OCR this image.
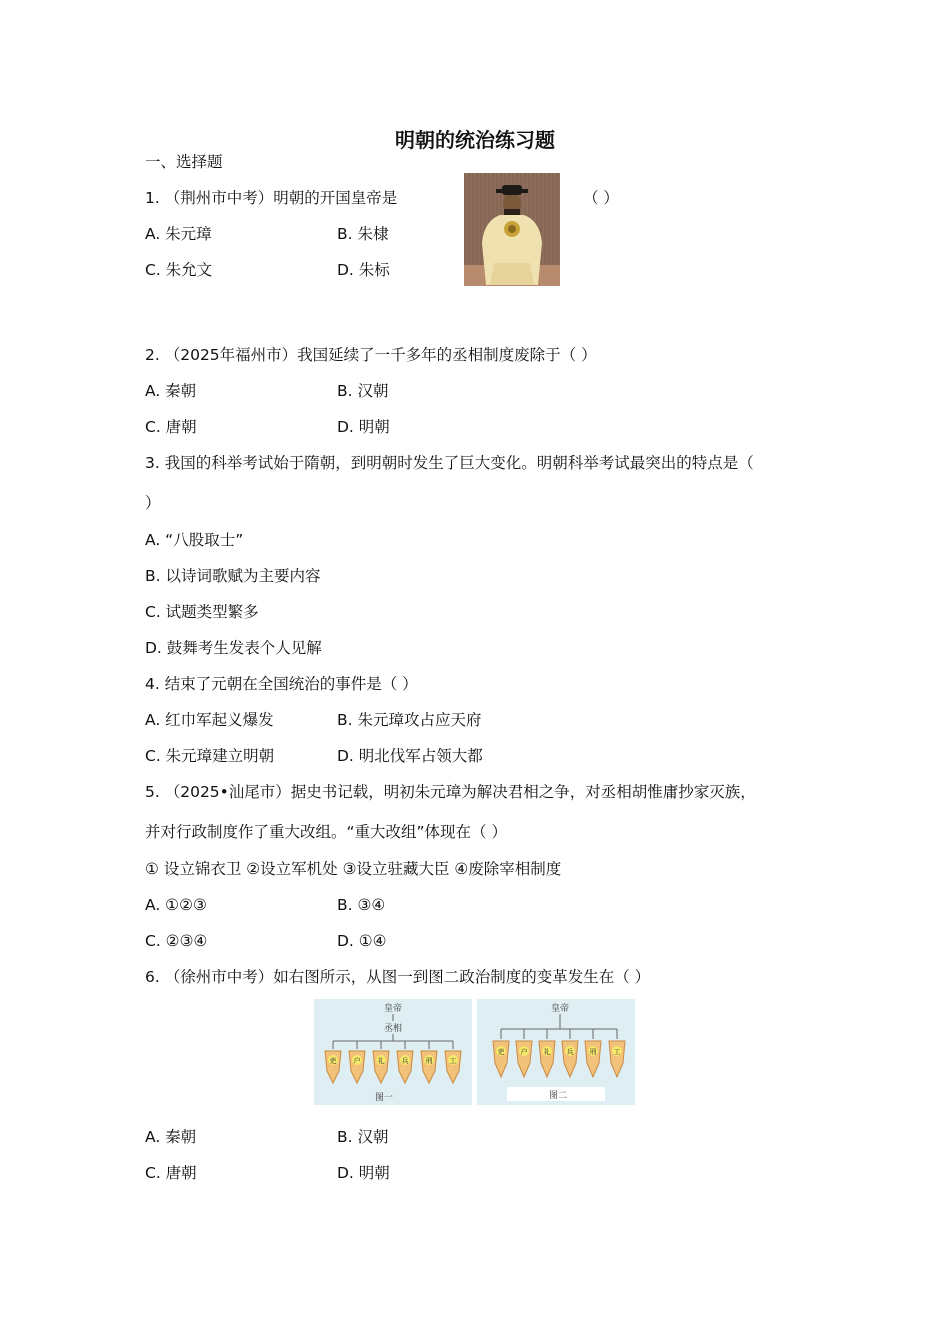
明朝的统治练习题
一、选择题
1. （荆州市中考）明朝的开国皇帝是	（ ）
A. 朱元璋	B. 朱棣
C. 朱允文	D. 朱标
2. （2025年福州市）我国延续了一千多年的丞相制度废除于（ ）
A. 秦朝	B. 汉朝
C. 唐朝	D. 明朝
3. 我国的科举考试始于隋朝，到明朝时发生了巨大变化。明朝科举考试最突出的特点是（
）
A. “八股取士”
B. 以诗词歌赋为主要内容
C. 试题类型繁多
D. 鼓舞考生发表个人见解
4. 结束了元朝在全国统治的事件是（ ）
A. 红巾军起义爆发	B. 朱元璋攻占应天府
C. 朱元璋建立明朝	D. 明北伐军占领大都
5. （2025•汕尾市）据史书记载，明初朱元璋为解决君相之争，对丞相胡惟庸抄家灭族，
并对行政制度作了重大改组。“重大改组”体现在（ ）
① 设立锦衣卫 ②设立军机处 ③设立驻藏大臣 ④废除宰相制度
A. ①②③	B. ③④
C. ②③④	D. ①④
6. （徐州市中考）如右图所示，从图一到图二政治制度的变革发生在（ ）
皇帝
丞相
吏 户 礼 兵 刑 工
图一
皇帝
吏 户 礼 兵 刑 工
图二
A. 秦朝	B. 汉朝
C. 唐朝	D. 明朝
